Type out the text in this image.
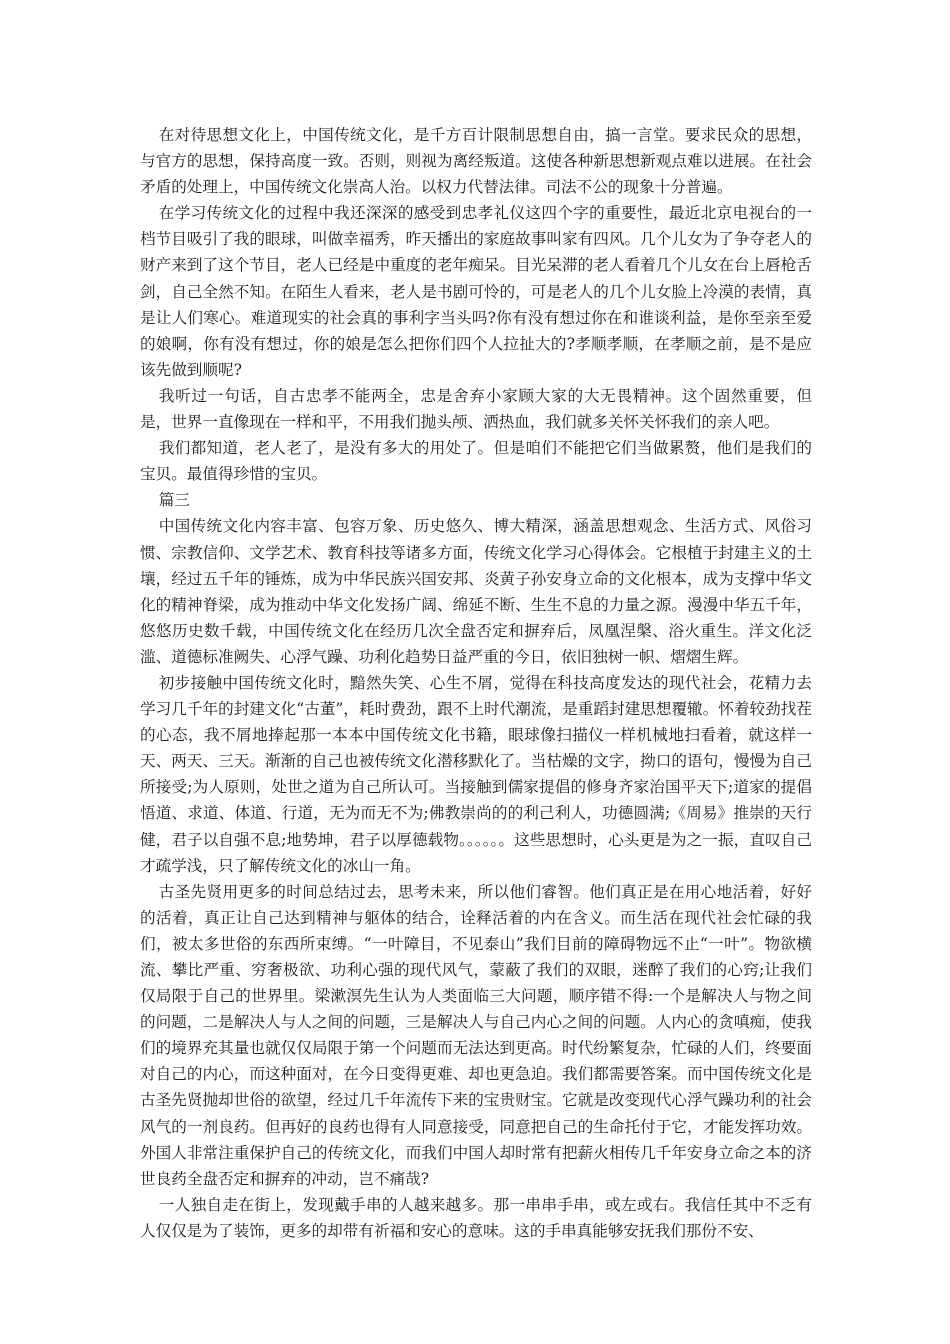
在对待思想文化上，中国传统文化，是千方百计限制思想自由，搞一言堂。要求民众的思想，与官方的思想，保持高度一致。否则，则视为离经叛道。这使各种新思想新观点难以进展。在社会矛盾的处理上，中国传统文化崇高人治。以权力代替法律。司法不公的现象十分普遍。

在学习传统文化的过程中我还深深的感受到忠孝礼仪这四个字的重要性，最近北京电视台的一档节目吸引了我的眼球，叫做幸福秀，昨天播出的家庭故事叫家有四风。几个儿女为了争夺老人的财产来到了这个节目，老人已经是中重度的老年痴呆。目光呆滞的老人看着几个儿女在台上唇枪舌剑，自己全然不知。在陌生人看来，老人是书剧可怜的，可是老人的几个儿女脸上冷漠的表情，真是让人们寒心。难道现实的社会真的事利字当头吗?你有没有想过你在和谁谈利益，是你至亲至爱的娘啊，你有没有想过，你的娘是怎么把你们四个人拉扯大的?孝顺孝顺，在孝顺之前，是不是应该先做到顺呢?

我听过一句话，自古忠孝不能两全，忠是舍弃小家顾大家的大无畏精神。这个固然重要，但是，世界一直像现在一样和平，不用我们抛头颅、洒热血，我们就多关怀关怀我们的亲人吧。

我们都知道，老人老了，是没有多大的用处了。但是咱们不能把它们当做累赘，他们是我们的宝贝。最值得珍惜的宝贝。

篇三

中国传统文化内容丰富、包容万象、历史悠久、博大精深，涵盖思想观念、生活方式、风俗习惯、宗教信仰、文学艺术、教育科技等诸多方面，传统文化学习心得体会。它根植于封建主义的土壤，经过五千年的锤炼，成为中华民族兴国安邦、炎黄子孙安身立命的文化根本，成为支撑中华文化的精神脊梁，成为推动中华文化发扬广阔、绵延不断、生生不息的力量之源。漫漫中华五千年，悠悠历史数千载，中国传统文化在经历几次全盘否定和摒弃后，凤凰涅槃、浴火重生。洋文化泛滥、道德标准阙失、心浮气躁、功利化趋势日益严重的今日，依旧独树一帜、熠熠生辉。

初步接触中国传统文化时，黯然失笑、心生不屑，觉得在科技高度发达的现代社会，花精力去学习几千年的封建文化“古董”，耗时费劲，跟不上时代潮流，是重蹈封建思想覆辙。怀着较劲找茬的心态，我不屑地捧起那一本本中国传统文化书籍，眼球像扫描仪一样机械地扫看着，就这样一天、两天、三天。渐渐的自己也被传统文化潜移默化了。当枯燥的文字，拗口的语句，慢慢为自己所接受;为人原则，处世之道为自己所认可。当接触到儒家提倡的修身齐家治国平天下;道家的提倡悟道、求道、体道、行道，无为而无不为;佛教崇尚的的利己利人，功德圆满;《周易》推崇的天行健，君子以自强不息;地势坤，君子以厚德载物。。。。。。这些思想时，心头更是为之一振，直叹自己才疏学浅，只了解传统文化的冰山一角。

古圣先贤用更多的时间总结过去，思考未来，所以他们睿智。他们真正是在用心地活着，好好的活着，真正让自己达到精神与躯体的结合，诠释活着的内在含义。而生活在现代社会忙碌的我们，被太多世俗的东西所束缚。“一叶障目，不见泰山”我们目前的障碍物远不止“一叶”。物欲横流、攀比严重、穷奢极欲、功利心强的现代风气，蒙蔽了我们的双眼，迷醉了我们的心窍;让我们仅局限于自己的世界里。梁漱溟先生认为人类面临三大问题，顺序错不得:一个是解决人与物之间的问题，二是解决人与人之间的问题，三是解决人与自己内心之间的问题。人内心的贪嗔痴，使我们的境界充其量也就仅仅局限于第一个问题而无法达到更高。时代纷繁复杂，忙碌的人们，终要面对自己的内心，而这种面对，在今日变得更难、却也更急迫。我们都需要答案。而中国传统文化是古圣先贤抛却世俗的欲望，经过几千年流传下来的宝贵财宝。它就是改变现代心浮气躁功利的社会风气的一剂良药。但再好的良药也得有人同意接受，同意把自己的生命托付于它，才能发挥功效。外国人非常注重保护自己的传统文化，而我们中国人却时常有把薪火相传几千年安身立命之本的济世良药全盘否定和摒弃的冲动，岂不痛哉?

一人独自走在街上，发现戴手串的人越来越多。那一串串手串，或左或右。我信任其中不乏有人仅仅是为了装饰，更多的却带有祈福和安心的意味。这的手串真能够安抚我们那份不安、
